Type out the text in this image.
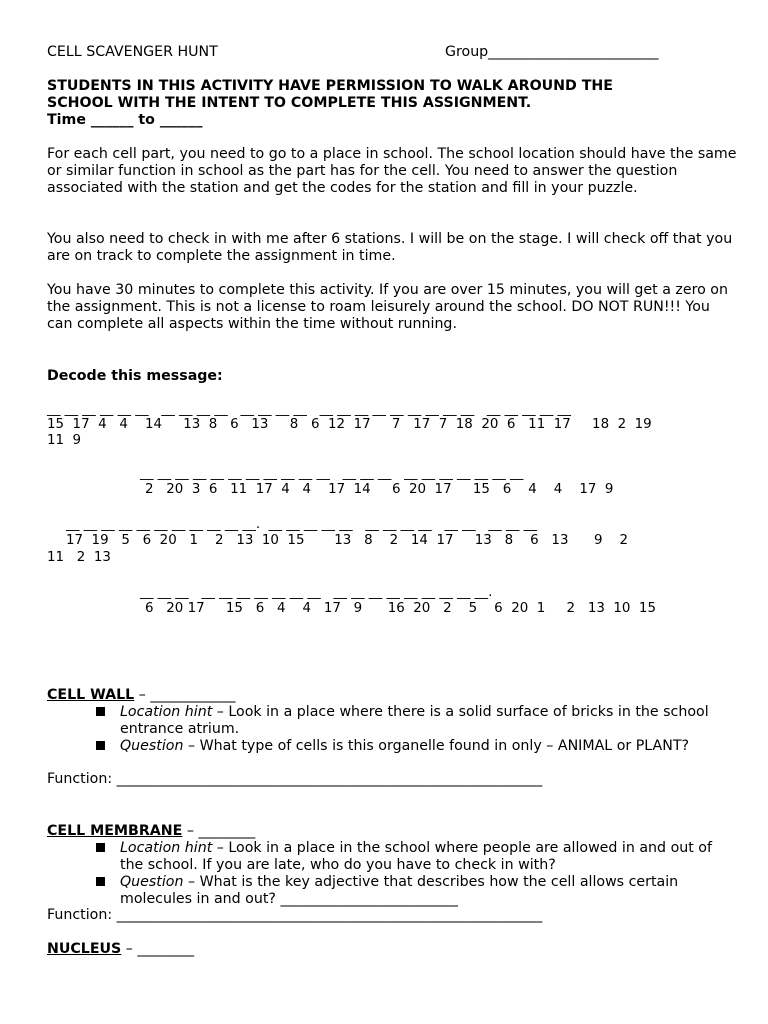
CELL SCAVENGER HUNT	Group________________________
STUDENTS IN THIS ACTIVITY HAVE PERMISSION TO WALK AROUND THE
SCHOOL WITH THE INTENT TO COMPLETE THIS ASSIGNMENT.
Time ______ to ______
For each cell part, you need to go to a place in school. The school location should have the same or similar function in school as the part has for the cell. You need to answer the question associated with the station and get the codes for the station and fill in your puzzle.
You also need to check in with me after 6 stations. I will be on the stage. I will check off that you are on track to complete the assignment in time.
You have 30 minutes to complete this activity. If you are over 15 minutes, you will get a zero on the assignment. This is not a license to roam leisurely around the school. DO NOT RUN!!! You can complete all aspects within the time without running.
Decode this message:
__ __ __ __ __ __   __ __ __ __   __ __ __ __   __ __ __ __ __ __ __ __ __   __ __ __ __ __
15  17  4   4    14     13  8   6   13     8   6  12  17     7   17  7  18  20  6   11  17     18  2  19
11  9
__ __ __ __ __ __ __ __ __ __ __   __ __ __   __ __ __ __ __ __ __
2   20  3  6   11  17  4   4    17  14     6  20  17     15   6    4    4    17  9
__ __ __ __ __ __ __ __ __ __ __.  __ __ __ __ __   __ __ __ __   __ __   __ __ __
17  19   5   6  20   1    2   13  10  15       13   8    2   14  17     13   8    6   13      9    2
11   2  13
__ __ __   __ __ __ __ __ __ __   __ __ __ __ __ __ __ __ __.
6   20 17     15   6   4    4   17   9      16  20   2    5    6  20  1     2   13  10  15
CELL WALL – ____________
Location hint – Look in a place where there is a solid surface of bricks in the school entrance atrium.
Question – What type of cells is this organelle found in only – ANIMAL or PLANT?
Function: ____________________________________________________________
CELL MEMBRANE – ________
Location hint – Look in a place in the school where people are allowed in and out of the school. If you are late, who do you have to check in with?
Question – What is the key adjective that describes how the cell allows certain molecules in and out? _________________________
Function: ____________________________________________________________
NUCLEUS – ________
